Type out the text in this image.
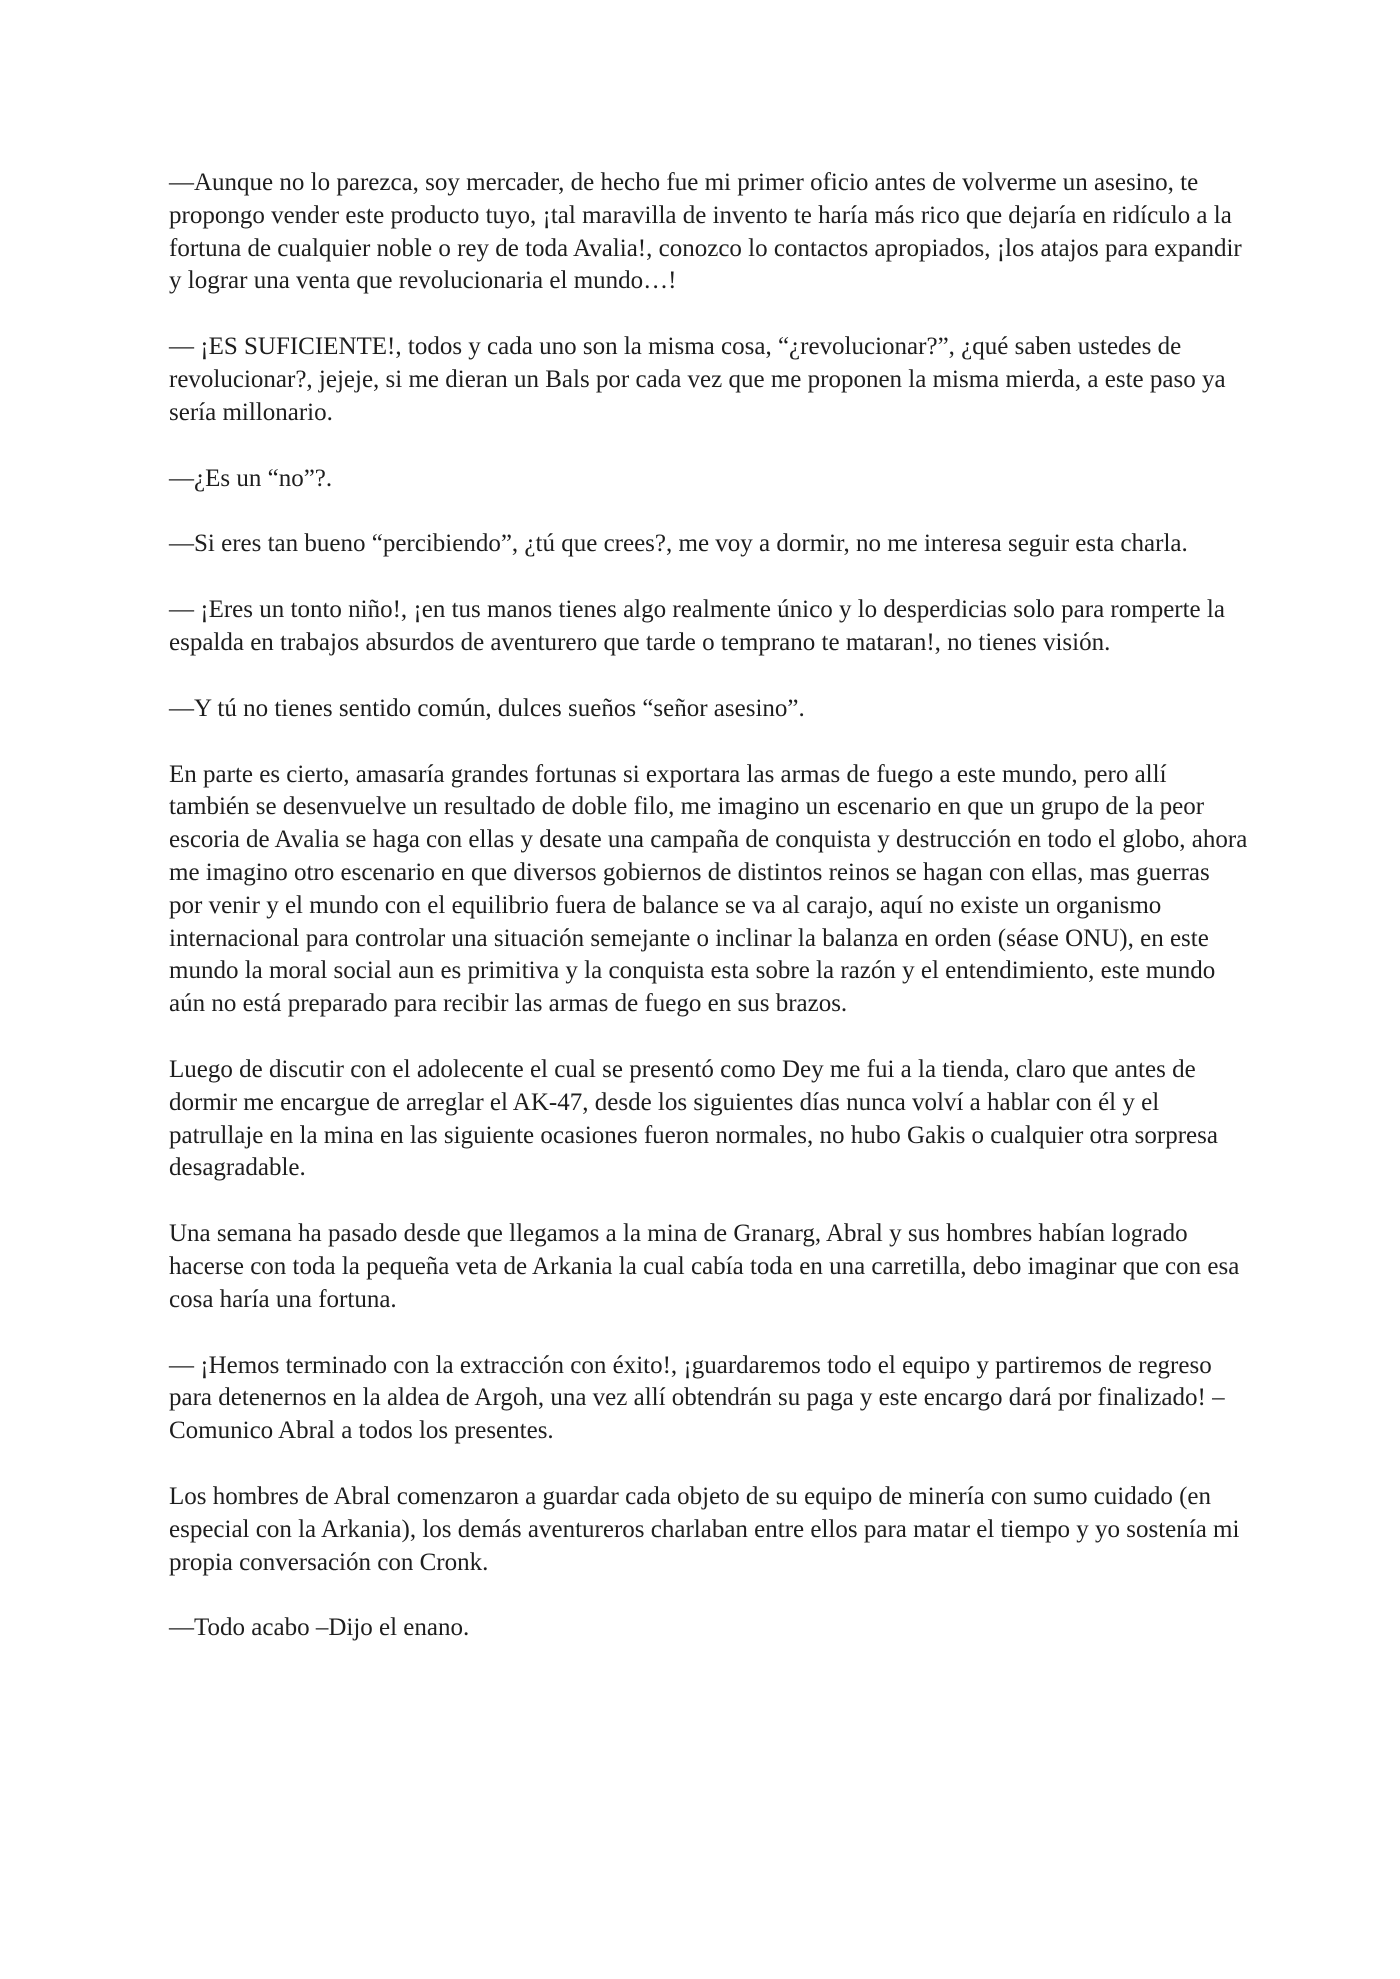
—Aunque no lo parezca, soy mercader, de hecho fue mi primer oficio antes de volverme un asesino, te propongo vender este producto tuyo, ¡tal maravilla de invento te haría más rico que dejaría en ridículo a la fortuna de cualquier noble o rey de toda Avalia!, conozco lo contactos apropiados, ¡los atajos para expandir y lograr una venta que revolucionaria el mundo…!

— ¡ES SUFICIENTE!, todos y cada uno son la misma cosa, “¿revolucionar?”, ¿qué saben ustedes de revolucionar?, jejeje, si me dieran un Bals por cada vez que me proponen la misma mierda, a este paso ya sería millonario.

—¿Es un “no”?.

—Si eres tan bueno “percibiendo”, ¿tú que crees?, me voy a dormir, no me interesa seguir esta charla.

— ¡Eres un tonto niño!, ¡en tus manos tienes algo realmente único y lo desperdicias solo para romperte la espalda en trabajos absurdos de aventurero que tarde o temprano te mataran!, no tienes visión.

—Y tú no tienes sentido común, dulces sueños “señor asesino”.

En parte es cierto, amasaría grandes fortunas si exportara las armas de fuego a este mundo, pero allí también se desenvuelve un resultado de doble filo, me imagino un escenario en que un grupo de la peor escoria de Avalia se haga con ellas y desate una campaña de conquista y destrucción en todo el globo, ahora me imagino otro escenario en que diversos gobiernos de distintos reinos se hagan con ellas, mas guerras por venir y el mundo con el equilibrio fuera de balance se va al carajo, aquí no existe un organismo internacional para controlar una situación semejante o inclinar la balanza en orden (séase ONU), en este mundo la moral social aun es primitiva y la conquista esta sobre la razón y el entendimiento, este mundo aún no está preparado para recibir las armas de fuego en sus brazos.

Luego de discutir con el adolecente el cual se presentó como Dey me fui a la tienda, claro que antes de dormir me encargue de arreglar el AK-47, desde los siguientes días nunca volví a hablar con él y el patrullaje en la mina en las siguiente ocasiones fueron normales, no hubo Gakis o cualquier otra sorpresa desagradable.

Una semana ha pasado desde que llegamos a la mina de Granarg, Abral y sus hombres habían logrado hacerse con toda la pequeña veta de Arkania la cual cabía toda en una carretilla, debo imaginar que con esa cosa haría una fortuna.

— ¡Hemos terminado con la extracción con éxito!, ¡guardaremos todo el equipo y partiremos de regreso para detenernos en la aldea de Argoh, una vez allí obtendrán su paga y este encargo dará por finalizado! –Comunico Abral a todos los presentes.

Los hombres de Abral comenzaron a guardar cada objeto de su equipo de minería con sumo cuidado (en especial con la Arkania), los demás aventureros charlaban entre ellos para matar el tiempo y yo sostenía mi propia conversación con Cronk.

—Todo acabo –Dijo el enano.
